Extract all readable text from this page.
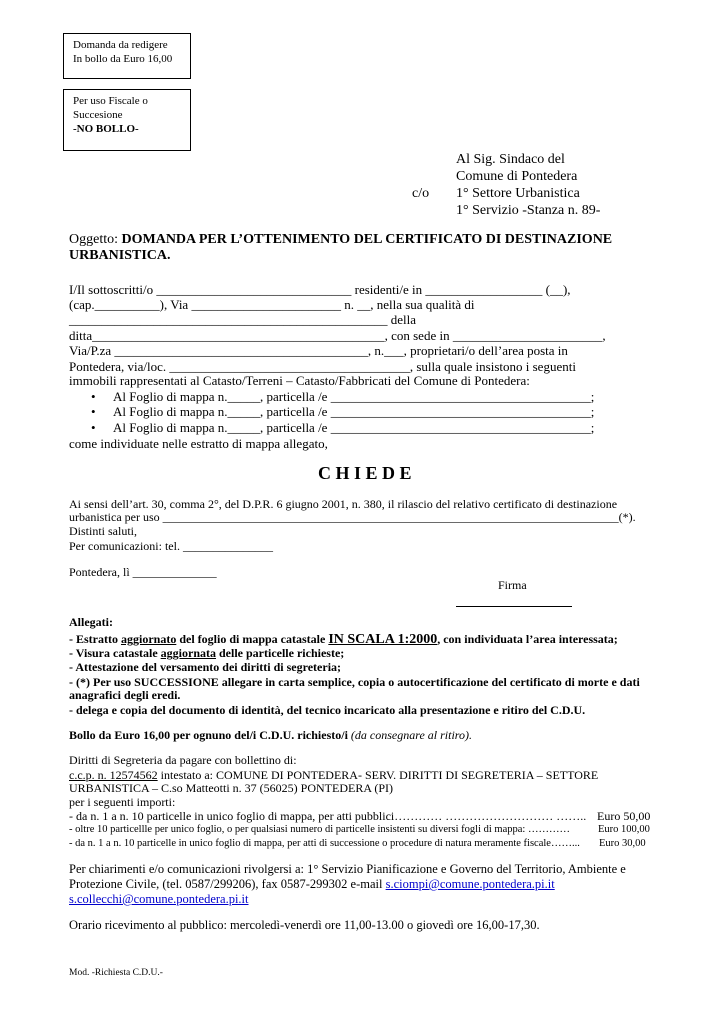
Domanda da redigere
In bollo da Euro 16,00
Per uso Fiscale o
Succesione
-NO BOLLO-
Al Sig. Sindaco del
Comune di Pontedera
c/o 1° Settore Urbanistica
1° Servizio -Stanza n. 89-
Oggetto: DOMANDA PER L’OTTENIMENTO DEL CERTIFICATO DI DESTINAZIONE
URBANISTICA.
I/Il sottoscritti/o ______________________________ residenti/e in __________________ (__),
(cap.__________), Via _______________________ n. __, nella sua qualità di
_________________________________________________ della
ditta_____________________________________________, con sede in _______________________,
Via/P.za _______________________________________, n.___, proprietari/o dell’area posta in
Pontedera, via/loc. _____________________________________, sulla quale insistono i seguenti
immobili rappresentati al Catasto/Terreni – Catasto/Fabbricati del Comune di Pontedera:
• Al Foglio di mappa n._____, particella /e ________________________________________;
• Al Foglio di mappa n._____, particella /e ________________________________________;
• Al Foglio di mappa n._____, particella /e ________________________________________;
come individuate nelle estratto di mappa allegato,
C H I E D E
Ai sensi dell’art. 30, comma 2°, del D.P.R. 6 giugno 2001, n. 380, il rilascio del relativo certificato di destinazione
urbanistica per uso ____________________________________________________________________________(*).
Distinti saluti,
Per comunicazioni: tel. _______________
Pontedera, lì ______________
Firma
Allegati:
- Estratto aggiornato del foglio di mappa catastale IN SCALA 1:2000, con individuata l’area interessata;
- Visura catastale aggiornata delle particelle richieste;
- Attestazione del versamento dei diritti di segreteria;
- (*) Per uso SUCCESSIONE allegare in carta semplice, copia o autocertificazione del certificato di morte e dati
anagrafici degli eredi.
- delega e copia del documento di identità, del tecnico incaricato alla presentazione e ritiro del C.D.U.
Bollo da Euro 16,00 per ognuno del/i C.D.U. richiesto/i (da consegnare al ritiro).
Diritti di Segreteria da pagare con bollettino di:
c.c.p. n. 12574562 intestato a: COMUNE DI PONTEDERA- SERV. DIRITTI DI SEGRETERIA – SETTORE
URBANISTICA – C.so Matteotti n. 37 (56025) PONTEDERA (PI)
per i seguenti importi:
- da n. 1 a n. 10 particelle in unico foglio di mappa, per atti pubblici………… ……………………… …….. Euro 50,00
- oltre 10 particellle per unico foglio, o per qualsiasi numero di particelle insistenti su diversi fogli di mappa: …………	Euro 100,00
- da n. 1 a n. 10 particelle in unico foglio di mappa, per atti di successione o procedure di natura meramente fiscale……... Euro 30,00
Per chiarimenti e/o comunicazioni rivolgersi a: 1° Servizio Pianificazione e Governo del Territorio, Ambiente e
Protezione Civile, (tel. 0587/299206), fax 0587-299302 e-mail s.ciompi@comune.pontedera.pi.it
s.collecchi@comune.pontedera.pi.it
Orario ricevimento al pubblico: mercoledì-venerdì ore 11,00-13.00 o giovedì ore 16,00-17,30.
Mod. -Richiesta C.D.U.-
